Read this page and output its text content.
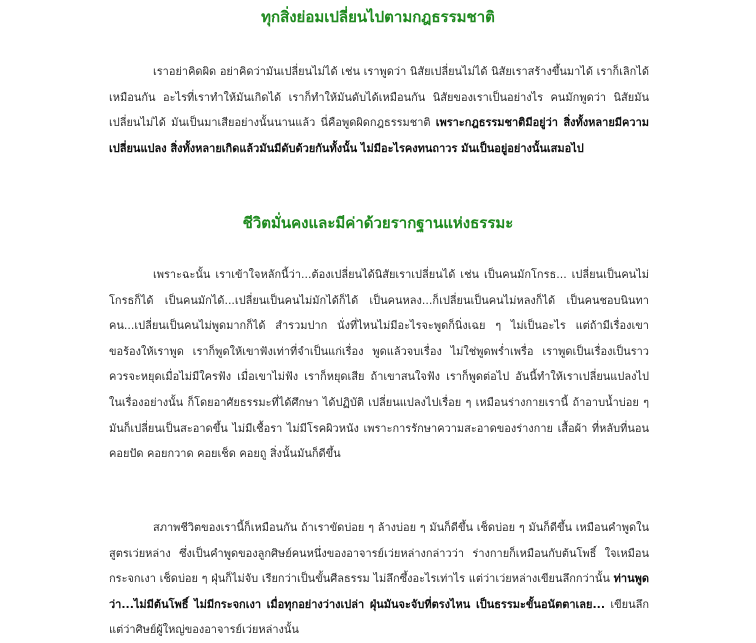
ทุกสิ่งย่อมเปลี่ยนไปตามกฎธรรมชาติ

เราอย่าคิดผิด อย่าคิดว่ามันเปลี่ยนไม่ได้ เช่น เราพูดว่า นิสัยเปลี่ยนไม่ได้ นิสัยเราสร้างขึ้นมาได้ เราก็เลิกได้เหมือนกัน อะไรที่เราทำให้มันเกิดได้ เราก็ทำให้มันดับได้เหมือนกัน นิสัยของเราเป็นอย่างไร คนมักพูดว่า นิสัยมันเปลี่ยนไม่ได้ มันเป็นมาเสียอย่างนั้นนานแล้ว นี่คือพูดผิดกฎธรรมชาติ เพราะกฎธรรมชาติมีอยู่ว่า สิ่งทั้งหลายมีความเปลี่ยนแปลง สิ่งทั้งหลายเกิดแล้วมันมีดับด้วยกันทั้งนั้น ไม่มีอะไรคงทนถาวร มันเป็นอยู่อย่างนั้นเสมอไป

ชีวิตมั่นคงและมีค่าด้วยรากฐานแห่งธรรมะ

เพราะฉะนั้น เราเข้าใจหลักนี้ว่า...ต้องเปลี่ยนได้นิสัยเราเปลี่ยนได้ เช่น เป็นคนมักโกรธ... เปลี่ยนเป็นคนไม่โกรธก็ได้ เป็นคนมักได้...เปลี่ยนเป็นคนไม่มักได้ก็ได้ เป็นคนหลง...ก็เปลี่ยนเป็นคนไม่หลงก็ได้ เป็นคนชอบนินทาคน...เปลี่ยนเป็นคนไม่พูดมากก็ได้ สำรวมปาก นั่งที่ไหนไม่มีอะไรจะพูดก็นิ่งเฉย ๆ ไม่เป็นอะไร แต่ถ้ามีเรื่องเขาขอร้องให้เราพูด เราก็พูดให้เขาฟังเท่าที่จำเป็นแก่เรื่อง พูดแล้วจบเรื่อง ไม่ใช่พูดพร่ำเพรื่อ เราพูดเป็นเรื่องเป็นราว ควรจะหยุดเมื่อไม่มีใครฟัง เมื่อเขาไม่ฟัง เราก็หยุดเสีย ถ้าเขาสนใจฟัง เราก็พูดต่อไป อันนี้ทำให้เราเปลี่ยนแปลงไปในเรื่องอย่างนั้น ก็โดยอาศัยธรรมะที่ได้ศึกษา ได้ปฏิบัติ เปลี่ยนแปลงไปเรื่อย ๆ เหมือนร่างกายเรานี้ ถ้าอาบน้ำบ่อย ๆ มันก็เปลี่ยนเป็นสะอาดขึ้น ไม่มีเชื้อรา ไม่มีโรคผิวหนัง เพราะการรักษาความสะอาดของร่างกาย เสื้อผ้า ที่หลับที่นอน คอยปัด คอยกวาด คอยเช็ด คอยถู สิ่งนั้นมันก็ดีขึ้น

สภาพชีวิตของเรานี้ก็เหมือนกัน ถ้าเราขัดบ่อย ๆ ล้างบ่อย ๆ มันก็ดีขึ้น เช็ดบ่อย ๆ มันก็ดีขึ้น เหมือนคำพูดในสูตรเว่ยหล่าง ซึ่งเป็นคำพูดของลูกศิษย์คนหนึ่งของอาจารย์เว่ยหล่างกล่าวว่า ร่างกายก็เหมือนกับต้นโพธิ์ ใจเหมือนกระจกเงา เช็ดบ่อย ๆ ฝุ่นก็ไม่จับ เรียกว่าเป็นขั้นศีลธรรม ไม่ลึกซึ้งอะไรเท่าไร แต่ว่าเว่ยหล่างเขียนลึกกว่านั้น ท่านพูดว่า...ไม่มีต้นโพธิ์ ไม่มีกระจกเงา เมื่อทุกอย่างว่างเปล่า ฝุ่นมันจะจับที่ตรงไหน เป็นธรรมะขั้นอนัตตาเลย... เขียนลึก แต่ว่าศิษย์ผู้ใหญ่ของอาจารย์เว่ยหล่างนั้น
